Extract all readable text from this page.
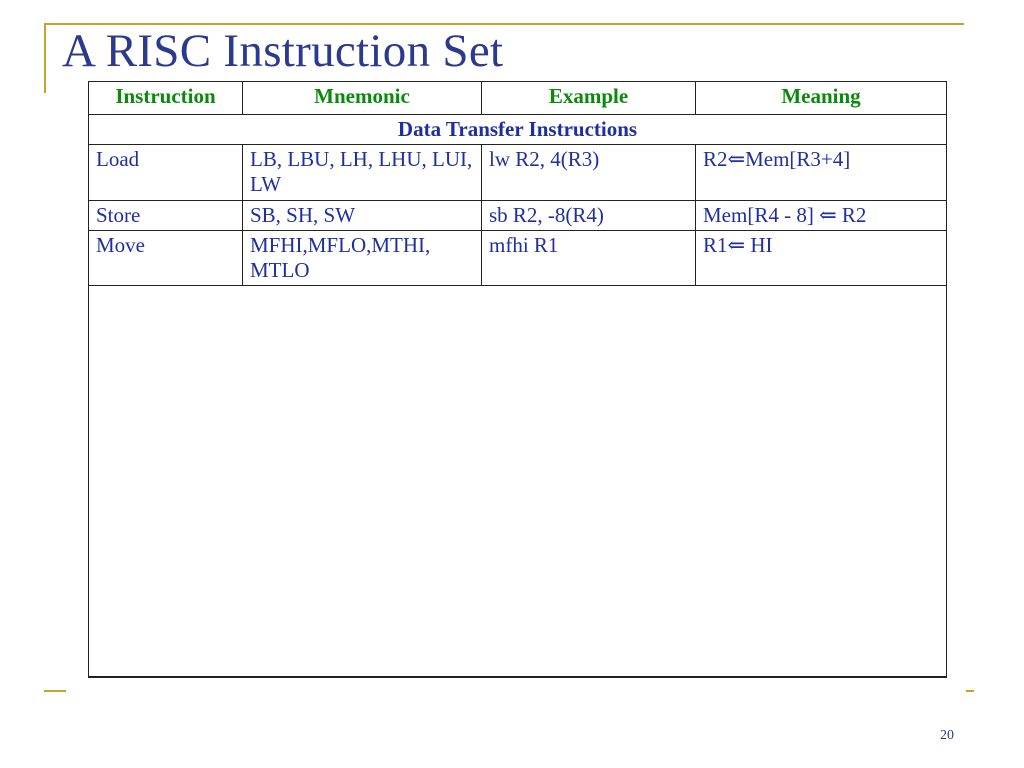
A RISC Instruction Set
Instruction	Mnemonic	Example	Meaning
Data Transfer Instructions			
Load	LB, LBU, LH, LHU, LUI, LW	lw R2, 4(R3)	R2⇐Mem[R3+4]
Store	SB, SH, SW	sb R2, -8(R4)	Mem[R4 - 8] ⇐ R2
Move	MFHI,MFLO,MTHI, MTLO	mfhi R1	R1⇐ HI

20
